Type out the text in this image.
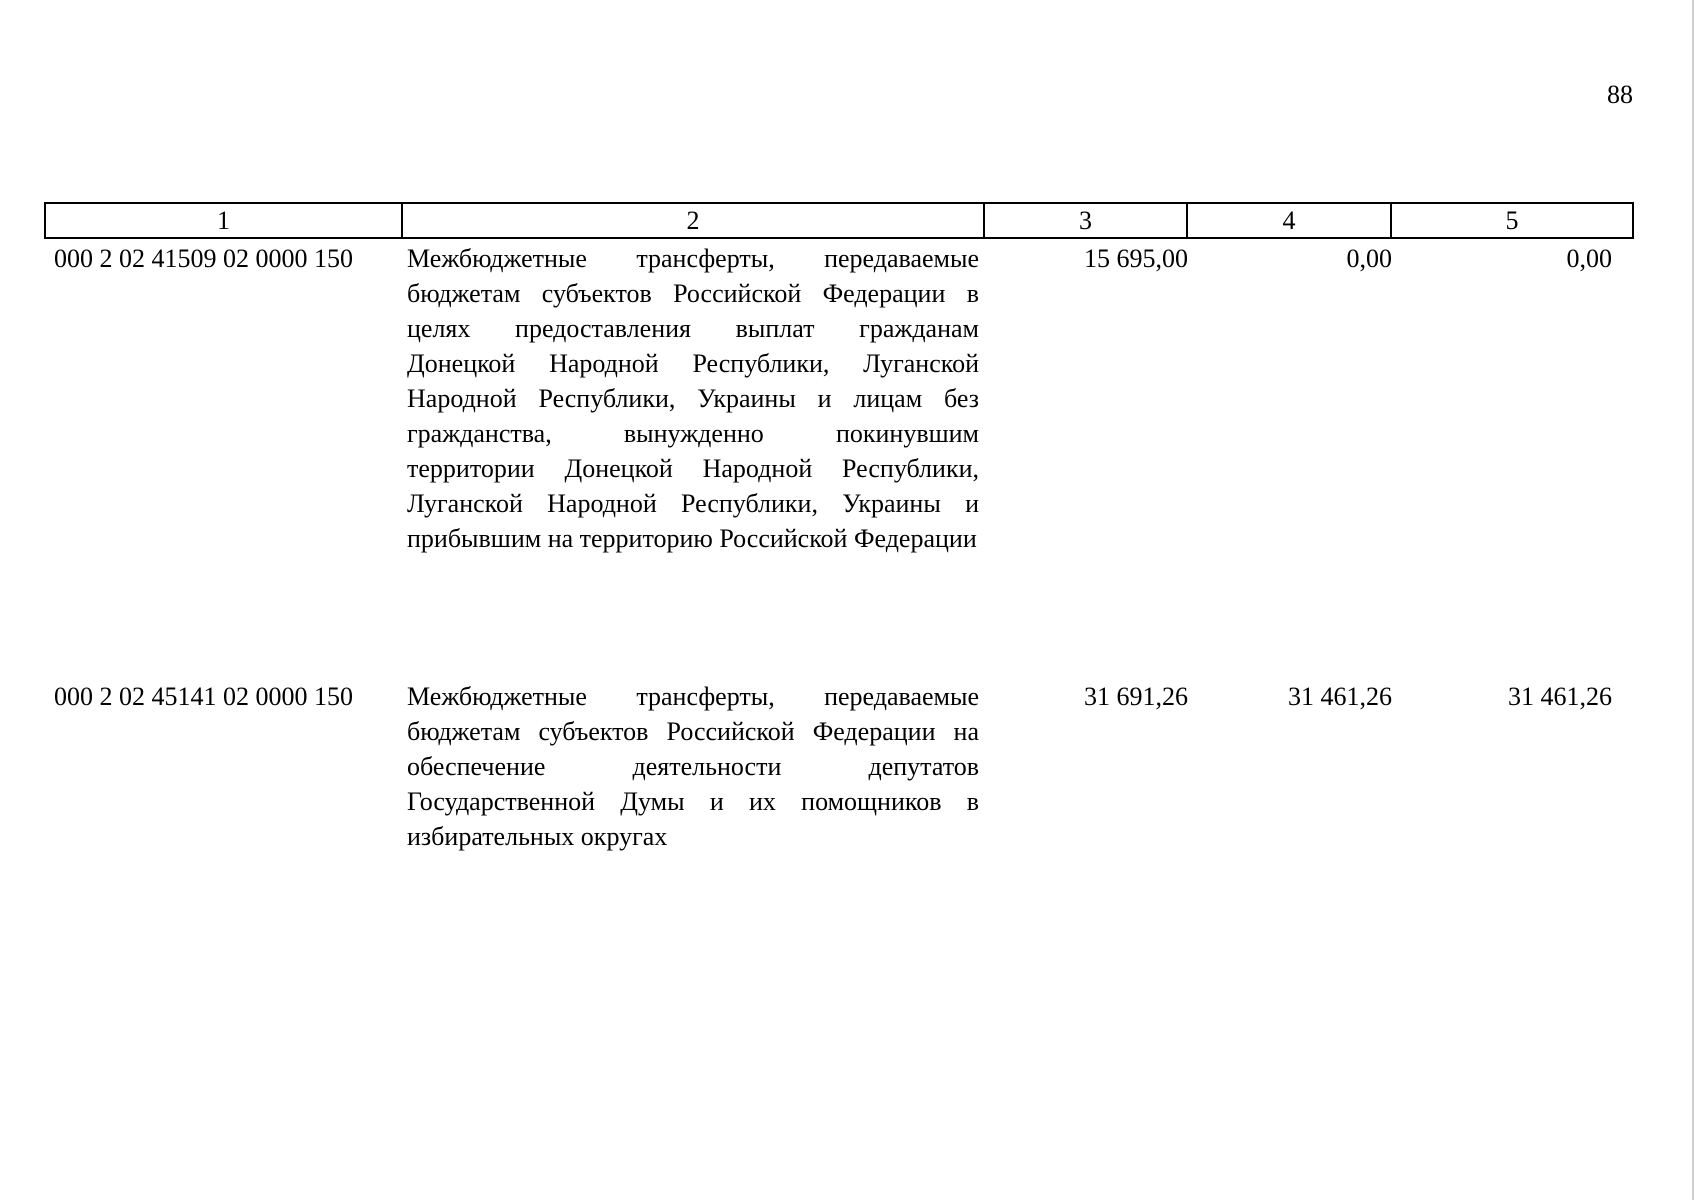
88
1	2	3	4	5
000 2 02 41509 02 0000 150 Межбюджетные трансферты, передаваемые бюджетам субъектов Российской Федерации в целях предоставления выплат гражданам Донецкой Народной Республики, Луганской Народной Республики, Украины и лицам без гражданства, вынужденно покинувшим территории Донецкой Народной Республики, Луганской Народной Республики, Украины и прибывшим на территорию Российской Федерации
15 695,00	0,00	0,00
000 2 02 45141 02 0000 150 Межбюджетные трансферты, передаваемые бюджетам субъектов Российской Федерации на обеспечение деятельности депутатов Государственной Думы и их помощников в избирательных округах
31 691,26	31 461,26	31 461,26
